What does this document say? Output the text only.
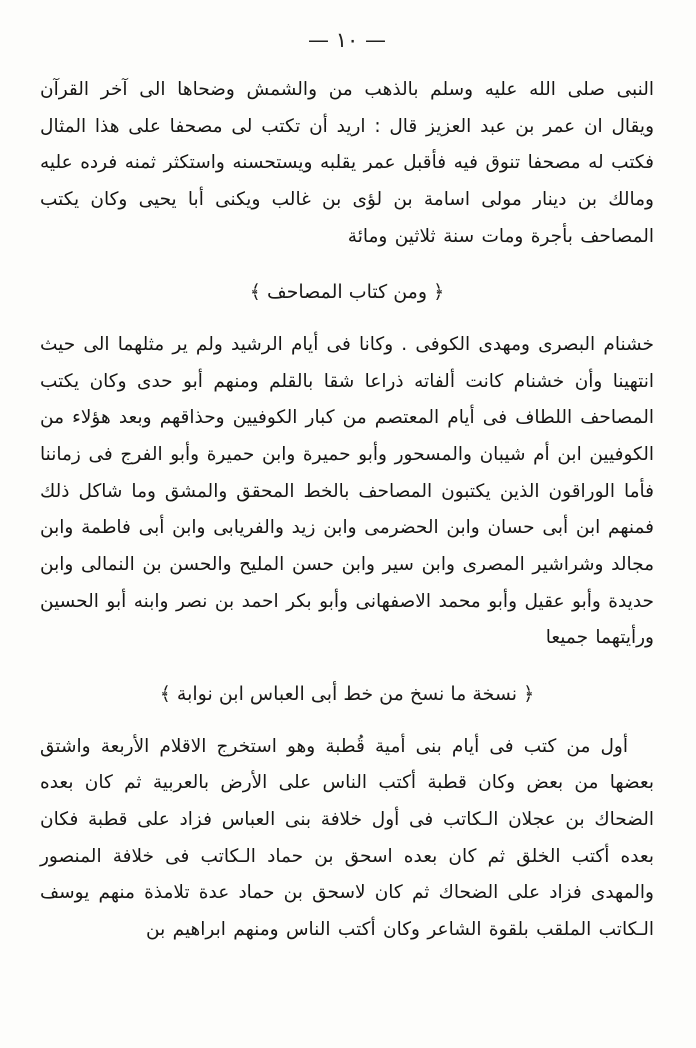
— ١٠ —

النبى صلى الله عليه وسلم بالذهب من والشمش وضحاها الى آخر القرآن ويقال ان عمر بن عبد العزيز قال : اريد أن تكتب لى مصحفا على هذا المثال فكتب له مصحفا تنوق فيه فأقبل عمر يقلبه ويستحسنه واستكثر ثمنه فرده عليه ومالك بن دينار مولى اسامة بن لؤى بن غالب ويكنى أبا يحيى وكان يكتب المصاحف بأجرة ومات سنة ثلاثين ومائة

﴿ ومن كتاب المصاحف ﴾

خشنام البصرى ومهدى الكوفى . وكانا فى أيام الرشيد ولم ير مثلهما الى حيث انتهينا وأن خشنام كانت ألفاته ذراعا شقا بالقلم ومنهم أبو حدى وكان يكتب المصاحف اللطاف فى أيام المعتصم من كبار الكوفيين وحذاقهم وبعد هؤلاء من الكوفيين ابن أم شيبان والمسحور وأبو حميرة وابن حميرة وأبو الفرج فى زماننا فأما الوراقون الذين يكتبون المصاحف بالخط المحقق والمشق وما شاكل ذلك فمنهم ابن أبى حسان وابن الحضرمى وابن زيد والفريابى وابن أبى فاطمة وابن مجالد وشراشير المصرى وابن سير وابن حسن المليح والحسن بن النمالى وابن حديدة وأبو عقيل وأبو محمد الاصفهانى وأبو بكر احمد بن نصر وابنه أبو الحسين ورأيتهما جميعا

﴿ نسخة ما نسخ من خط أبى العباس ابن نوابة ﴾

أول من كتب فى أيام بنى أمية قُطبة وهو استخرج الاقلام الأربعة واشتق بعضها من بعض وكان قطبة أكتب الناس على الأرض بالعربية ثم كان بعده الضحاك بن عجلان الـكاتب فى أول خلافة بنى العباس فزاد على قطبة فكان بعده أكتب الخلق ثم كان بعده اسحق بن حماد الـكاتب فى خلافة المنصور والمهدى فزاد على الضحاك ثم كان لاسحق بن حماد عدة تلامذة منهم يوسف الـكاتب الملقب بلقوة الشاعر وكان أكتب الناس ومنهم ابراهيم بن
